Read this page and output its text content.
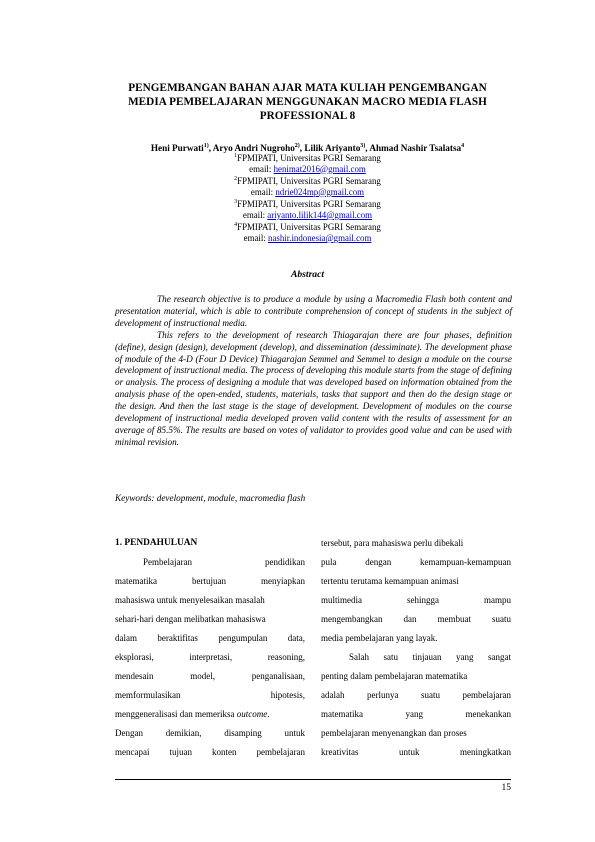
PENGEMBANGAN BAHAN AJAR MATA KULIAH PENGEMBANGAN
MEDIA PEMBELAJARAN MENGGUNAKAN MACRO MEDIA FLASH
PROFESSIONAL 8
Heni Purwati$^{1)}$, Aryo Andri Nugroho$^{2)}$, Lilik Ariyanto$^{3)}$, Ahmad Nashir Tsalatsa$^4$
$^1$FPMIPATI, Universitas PGRI Semarang
email: henimat2016@gmail.com
$^2$FPMIPATI, Universitas PGRI Semarang
email: ndrie024mp@gmail.com
$^3$FPMIPATI, Universitas PGRI Semarang
email: ariyanto.lilik144@gmail.com
$^4$FPMIPATI, Universitas PGRI Semarang
email: nashir.indonesia@gmail.com
Abstract

The research objective is to produce a module by using a Macromedia Flash both content and presentation material, which is able to contribute comprehension of concept of students in the subject of development of instructional media.

This refers to the development of research Thiagarajan there are four phases, definition (define), design (design), development (develop), and dissemination (dessiminate). The development phase of module of the 4-D (Four D Device) Thiagarajan Semmel and Semmel to design a module on the course development of instructional media. The process of developing this module starts from the stage of defining or analysis. The process of designing a module that was developed based on information obtained from the analysis phase of the open-ended, students, materials, tasks that support and then do the design stage or the design. And then the last stage is the stage of development. Development of modules on the course development of instructional media developed proven valid content with the results of assessment for an average of 85.5%. The results are based on votes of validator to provides good value and can be used with minimal revision.

Keywords: development, module, macromedia flash
1. PENDAHULUAN
Pembelajaran	pendidikan
matematika	bertujuan	menyiapkan
mahasiswa untuk menyelesaikan masalah
sehari-hari dengan melibatkan mahasiswa
dalam beraktifitas pengumpulan data,
eksplorasi,	interpretasi,	reasoning,
mendesain	model,	penganalisaan,
memformulasikan	hipotesis,
menggeneralisasi dan memeriksa outcome.
Dengan	demikian,	disamping	untuk
mencapai tujuan konten pembelajaran
tersebut, para mahasiswa perlu dibekali
pula	dengan	kemampuan-kemampuan
tertentu terutama kemampuan animasi
multimedia	sehingga	mampu
mengembangkan dan membuat suatu
media pembelajaran yang layak.
Salah satu tinjauan yang sangat
penting dalam pembelajaran matematika
adalah	perlunya	suatu	pembelajaran
matematika	yang	menekankan
pembelajaran menyenangkan dan proses
kreativitas	untuk	meningkatkan
15
